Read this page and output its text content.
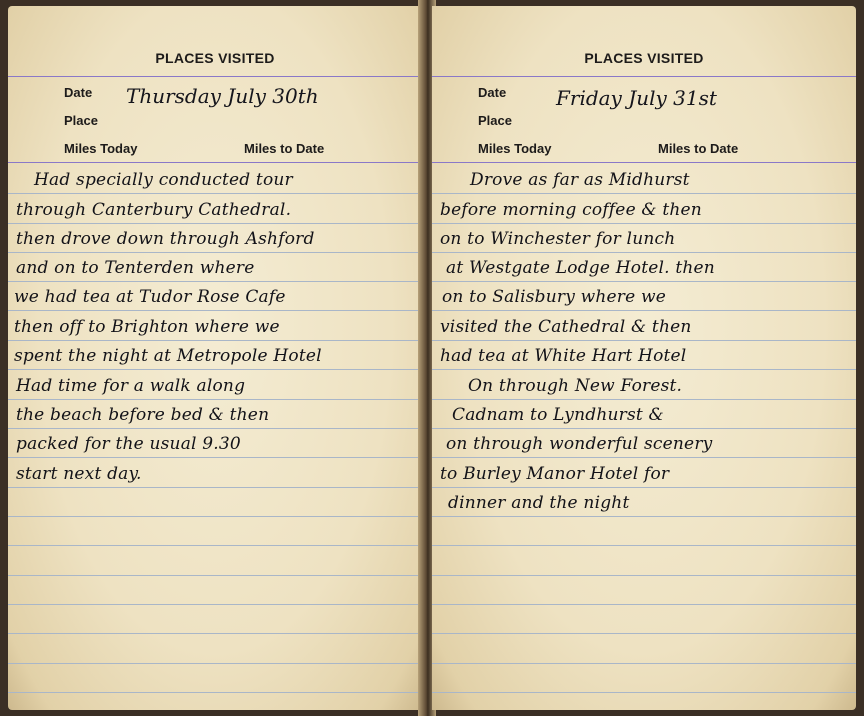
PLACES VISITED
Date Thursday July 30th
Place
Miles Today	Miles to Date
Had specially conducted tour
through Canterbury Cathedral.
then drove down through Ashford
and on to Tenterden where
we had tea at Tudor Rose Cafe
then off to Brighton where we
spent the night at Metropole Hotel
Had time for a walk along
the beach before bed & then
packed for the usual 9.30
start next day.
PLACES VISITED
Date Friday July 31st
Place
Miles Today	Miles to Date
Drove as far as Midhurst
before morning coffee & then
on to Winchester for lunch
at Westgate Lodge Hotel. then
on to Salisbury where we
visited the Cathedral & then
had tea at White Hart Hotel
On through New Forest.
Cadnam to Lyndhurst &
on through wonderful scenery
to Burley Manor Hotel for
dinner and the night
